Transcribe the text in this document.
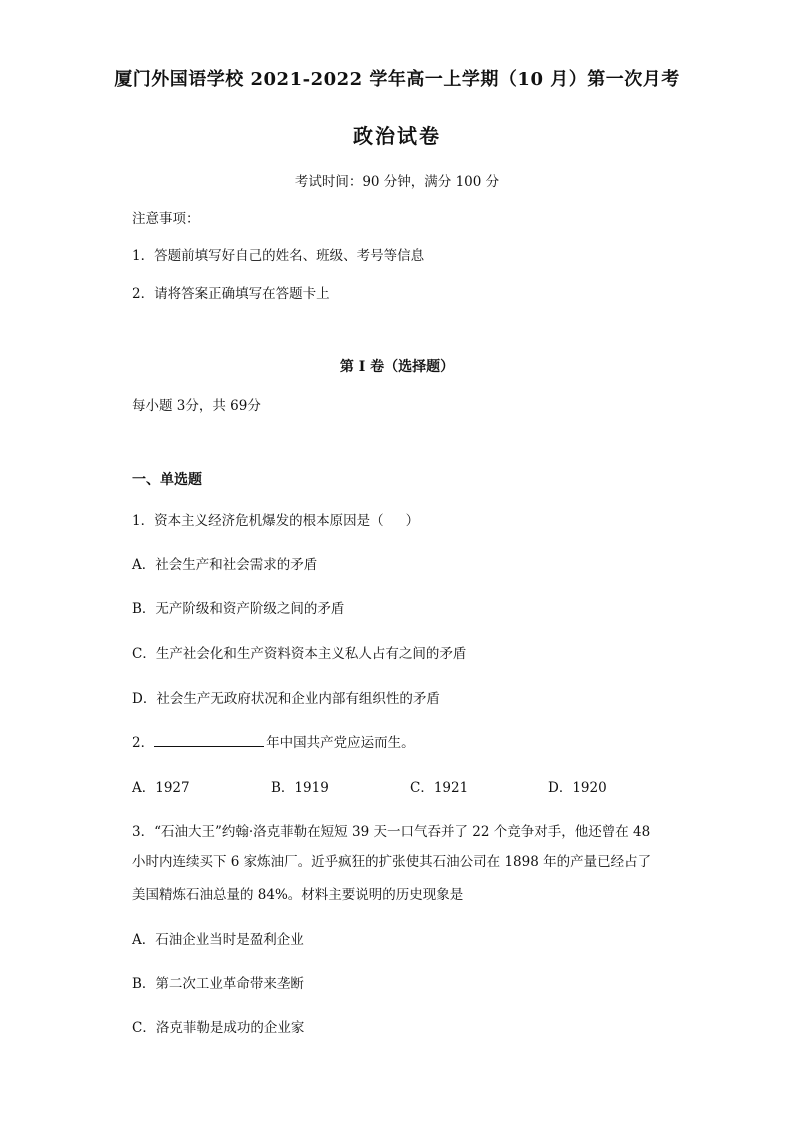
厦门外国语学校 2021-2022 学年高一上学期（10 月）第一次月考
政治试卷
考试时间：90 分钟，满分 100 分
注意事项：
1．答题前填写好自己的姓名、班级、考号等信息
2．请将答案正确填写在答题卡上
第 I 卷（选择题）
每小题 3分，共 69分
一、单选题
1．资本主义经济危机爆发的根本原因是（ ）
A．社会生产和社会需求的矛盾
B．无产阶级和资产阶级之间的矛盾
C．生产社会化和生产资料资本主义私人占有之间的矛盾
D．社会生产无政府状况和企业内部有组织性的矛盾
2．	年中国共产党应运而生。
A．1927	B．1919	C．1921	D．1920
3．“石油大王”约翰·洛克菲勒在短短 39 天一口气吞并了 22 个竞争对手，他还曾在 48
小时内连续买下 6 家炼油厂。近乎疯狂的扩张使其石油公司在 1898 年的产量已经占了
美国精炼石油总量的 84%。材料主要说明的历史现象是
A．石油企业当时是盈利企业
B．第二次工业革命带来垄断
C．洛克菲勒是成功的企业家
